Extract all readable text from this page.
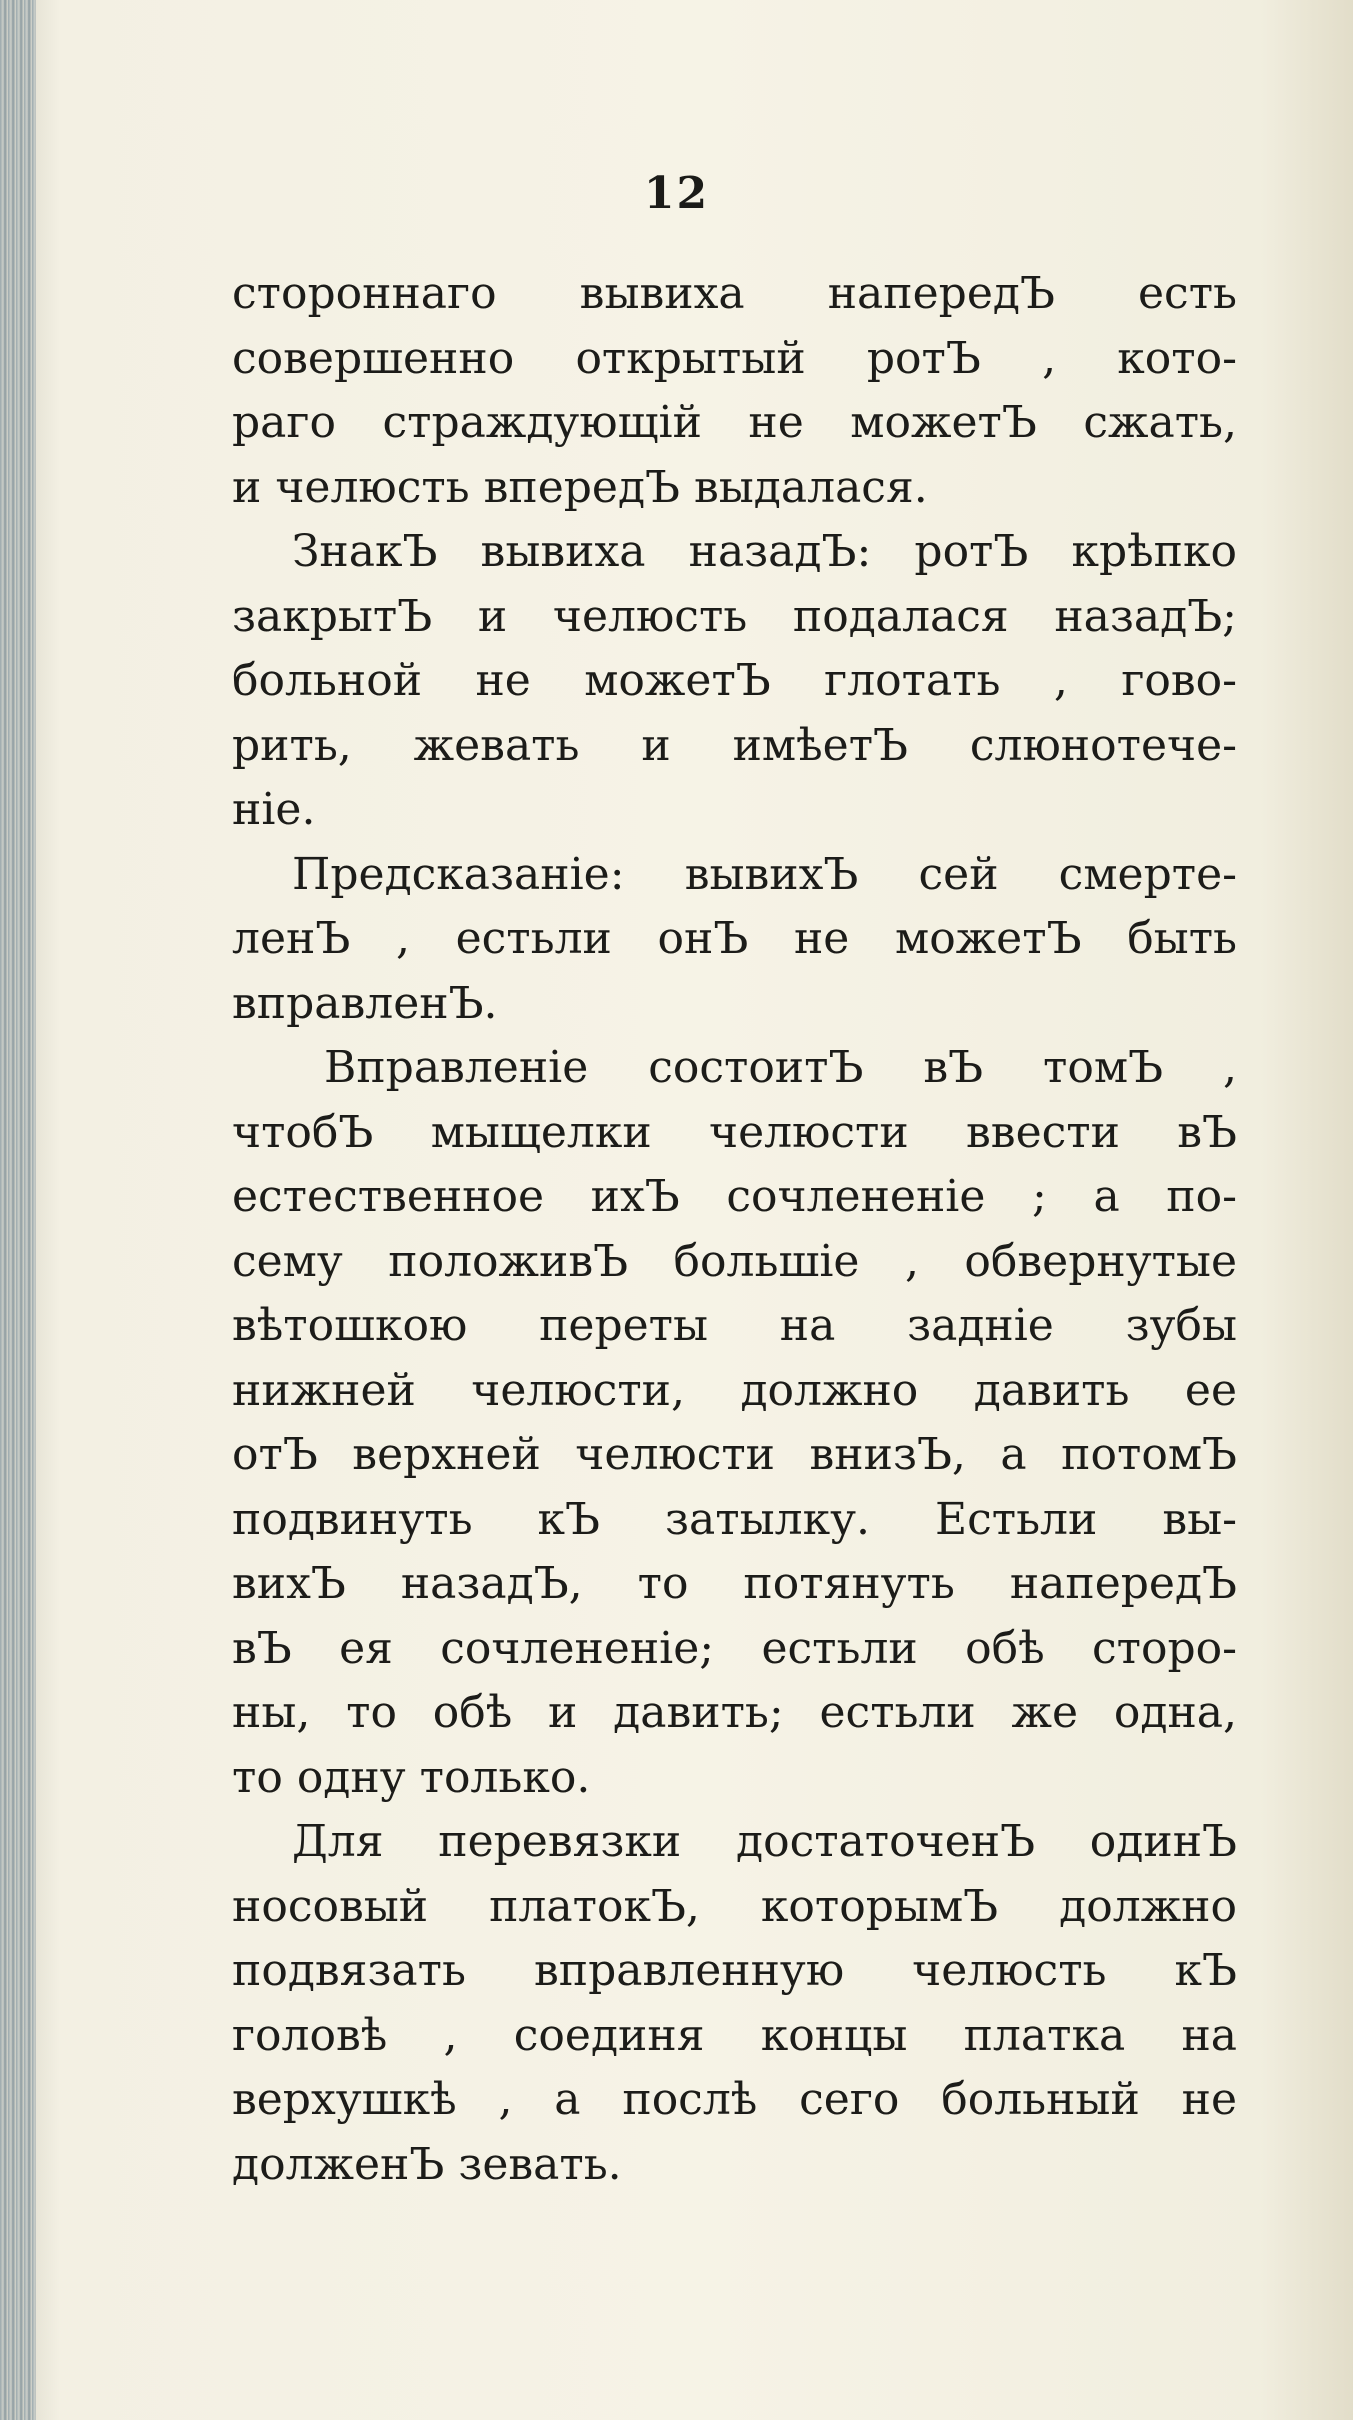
12
стороннаго вывиха напередЪ есть
совершенно открытый ротЪ , кото-
раго страждующій не можетЪ сжать,
и челюсть впередЪ выдалася.
ЗнакЪ вывиха назадЪ: ротЪ крѣпко
закрытЪ и челюсть подалася назадЪ;
больной не можетЪ глотать , гово-
рить, жевать и имѣетЪ слюнотече-
ніе.
Предсказаніе: вывихЪ сей смерте-
ленЪ , естьли онЪ не можетЪ быть
вправленЪ.
Вправленіе состоитЪ вЪ томЪ ,
чтобЪ мыщелки челюсти ввести вЪ
естественное ихЪ сочлененіе ; а по-
сему положивЪ большіе , обвернутые
вѣтошкою переты на задніе зубы
нижней челюсти, должно давить ее
отЪ верхней челюсти внизЪ, а потомЪ
подвинуть кЪ затылку. Естьли вы-
вихЪ назадЪ, то потянуть напередЪ
вЪ ея сочлененіе; естьли обѣ сторо-
ны, то обѣ и давить; естьли же одна,
то одну только.
Для перевязки достаточенЪ одинЪ
носовый платокЪ, которымЪ должно
подвязать вправленную челюсть кЪ
головѣ , соединя концы платка на
верхушкѣ , а послѣ сего больный не
долженЪ зевать.
